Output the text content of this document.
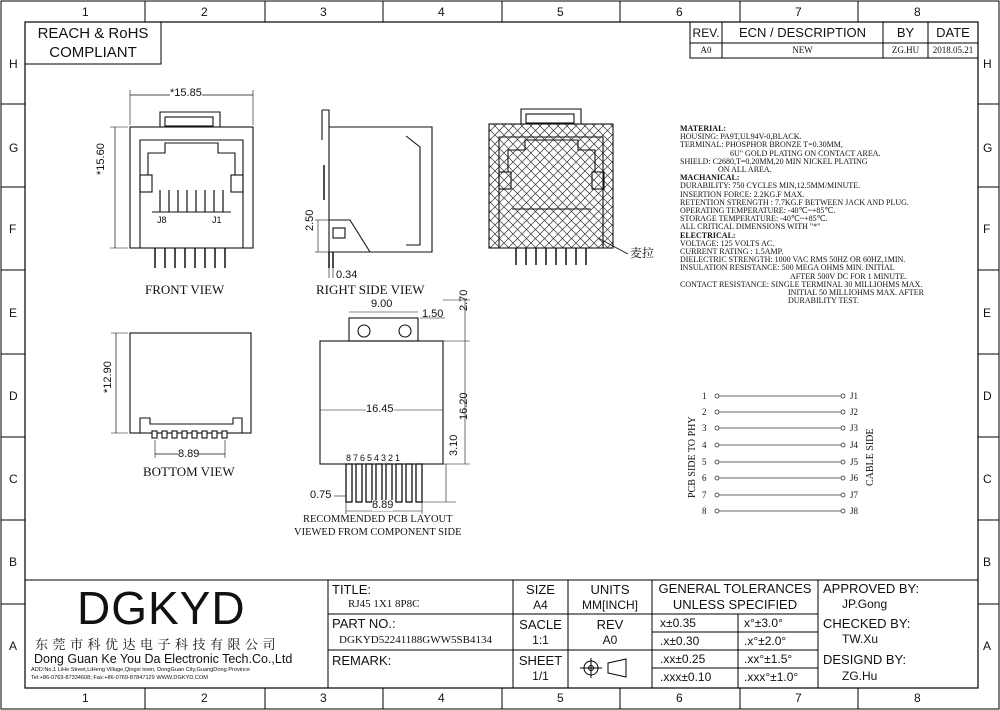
1	2	3	4	5	6	7	8
1	2	3	4	5	6	7	8
H
G
F
E
D
C
B
A
H
G
F
E
D
C
B
A
REACH & RoHS
COMPLIANT
REV.	ECN / DESCRIPTION	BY	DATE
A0	NEW	ZG.HU	2018.05.21
*15.85
*15.60
J8	J1
FRONT VIEW
2.50
0.34
RIGHT SIDE VIEW
麦拉
*12.90
8.89
BOTTOM VIEW
9.00
1.50
2.70
16.45	16.20
3.10
0.75
8.89
8 7 6 5 4 3 2 1
RECOMMENDED PCB LAYOUT
VIEWED FROM COMPONENT SIDE
MATERIAL:
HOUSING: PA9T,UL94V-0,BLACK.
TERMINAL: PHOSPHOR BRONZE T=0.30MM,
6U" GOLD PLATING ON CONTACT AREA.
SHIELD: C2680,T=0.20MM,20 MIN NICKEL PLATING
ON ALL AREA.
MACHANICAL:
DURABILITY: 750 CYCLES MIN,12.5MM/MINUTE.
INSERTION FORCE: 2.2KG.F MAX.
RETENTION STRENGTH : 7.7KG.F BETWEEN JACK AND PLUG.
OPERATING TEMPERATURE: -40℃~+85℃.
STORAGE TEMPERATURE: -40℃~+85℃.
ALL CRITICAL DIMENSIONS WITH "*"
ELECTRICAL:
VOLTAGE: 125 VOLTS AC.
CURRENT RATING : 1.5AMP.
DIELECTRIC STRENGTH: 1000 VAC RMS 50HZ OR 60HZ,1MIN.
INSULATION RESISTANCE: 500 MEGA OHMS MIN. INITIAL
AFTER 500V DC FOR 1 MINUTE.
CONTACT RESISTANCE: SINGLE TERMINAL 30 MILLIOHMS MAX.
INITIAL 50 MILLIOHMS MAX. AFTER
DURABILITY TEST.
1
2
3
4
5
6
7
8
J1
J2
J3
J4
J5
J6
J7
J8
PCB SIDE TO PHY	CABLE SIDE
DGKYD
东莞市科优达电子科技有限公司
Dong Guan Ke You Da Electronic Tech.Co.,Ltd
ADD:No.1 LiHe Street,LiHeng Village,Qingxi town, DongGuan City,GuangDong Province
Tel:+86-0769-87334608; Fax:+86-0769-87847129 WWW.DGKYD.COM
TITLE:
RJ45 1X1 8P8C
PART NO.:
DGKYD52241188GWW5SB4134
REMARK:
SIZE
A4
UNITS
MM[INCH]
SACLE
1:1
REV
A0
SHEET
1/1
GENERAL TOLERANCES
UNLESS SPECIFIED
x±0.35	x°±3.0°
.x±0.30	.x°±2.0°
.xx±0.25	.xx°±1.5°
.xxx±0.10	.xxx°±1.0°
APPROVED BY:
JP.Gong
CHECKED BY:
TW.Xu
DESIGND BY:
ZG.Hu
